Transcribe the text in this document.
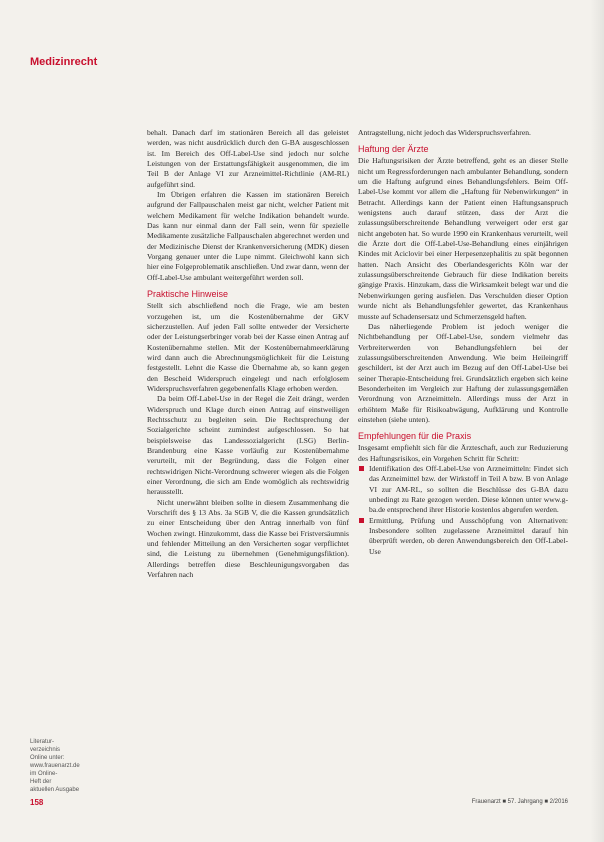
Medizinrecht

behalt. Danach darf im stationären Bereich all das geleistet werden, was nicht ausdrücklich durch den G-BA ausgeschlossen ist. Im Bereich des Off-Label-Use sind jedoch nur solche Leistungen von der Erstattungsfähigkeit ausgenommen, die im Teil B der Anlage VI zur Arzneimittel-Richtlinie (AM-RL) aufgeführt sind.

Im Übrigen erfahren die Kassen im stationären Bereich aufgrund der Fallpauschalen meist gar nicht, welcher Patient mit welchem Medikament für welche Indikation behandelt wurde. Das kann nur einmal dann der Fall sein, wenn für spezielle Medikamente zusätzliche Fallpauschalen abgerechnet werden und der Medizinische Dienst der Krankenversicherung (MDK) diesen Vorgang genauer unter die Lupe nimmt. Gleichwohl kann sich hier eine Folgeproblematik anschließen. Und zwar dann, wenn der Off-Label-Use ambulant weitergeführt werden soll.

Praktische Hinweise

Stellt sich abschließend noch die Frage, wie am besten vorzugehen ist, um die Kostenübernahme der GKV sicherzustellen. Auf jeden Fall sollte entweder der Versicherte oder der Leistungserbringer vorab bei der Kasse einen Antrag auf Kostenübernahme stellen. Mit der Kostenübernahmeerklärung wird dann auch die Abrechnungsmöglichkeit für die Leistung festgestellt. Lehnt die Kasse die Übernahme ab, so kann gegen den Bescheid Widerspruch eingelegt und nach erfolglosem Widerspruchsverfahren gegebenenfalls Klage erhoben werden.

Da beim Off-Label-Use in der Regel die Zeit drängt, werden Widerspruch und Klage durch einen Antrag auf einstweiligen Rechtsschutz zu begleiten sein. Die Rechtsprechung der Sozialgerichte scheint zumindest aufgeschlossen. So hat beispielsweise das Landessozialgericht (LSG) Berlin-Brandenburg eine Kasse vorläufig zur Kostenübernahme verurteilt, mit der Begründung, dass die Folgen einer rechtswidrigen Nicht-Verordnung schwerer wiegen als die Folgen einer Verordnung, die sich am Ende womöglich als rechtswidrig herausstellt.

Nicht unerwähnt bleiben sollte in diesem Zusammenhang die Vorschrift des § 13 Abs. 3a SGB V, die die Kassen grundsätzlich zu einer Entscheidung über den Antrag innerhalb von fünf Wochen zwingt. Hinzukommt, dass die Kasse bei Fristversäumnis und fehlender Mitteilung an den Versicherten sogar verpflichtet sind, die Leistung zu übernehmen (Genehmigungsfiktion). Allerdings betreffen diese Beschleunigungsvorgaben das Verfahren nach

Antragstellung, nicht jedoch das Widerspruchsverfahren.

Haftung der Ärzte

Die Haftungsrisiken der Ärzte betreffend, geht es an dieser Stelle nicht um Regressforderungen nach ambulanter Behandlung, sondern um die Haftung aufgrund eines Behandlungsfehlers. Beim Off-Label-Use kommt vor allem die „Haftung für Nebenwirkungen“ in Betracht. Allerdings kann der Patient einen Haftungsanspruch wenigstens auch darauf stützen, dass der Arzt die zulassungsüberschreitende Behandlung verweigert oder erst gar nicht angeboten hat. So wurde 1990 ein Krankenhaus verurteilt, weil die Ärzte dort die Off-Label-Use-Behandlung eines einjährigen Kindes mit Aciclovir bei einer Herpesenzephalitis zu spät begonnen hatten. Nach Ansicht des Oberlandesgerichts Köln war der zulassungsüberschreitende Gebrauch für diese Indikation bereits gängige Praxis. Hinzukam, dass die Wirksamkeit belegt war und die Nebenwirkungen gering ausfielen. Das Verschulden dieser Option wurde nicht als Behandlungsfehler gewertet, das Krankenhaus musste auf Schadensersatz und Schmerzensgeld haften.

Das näherliegende Problem ist jedoch weniger die Nichtbehandlung per Off-Label-Use, sondern vielmehr das Verbreiterwerden von Behandlungsfehlern bei der zulassungsüberschreitenden Anwendung. Wie beim Heileingriff geschildert, ist der Arzt auch im Bezug auf den Off-Label-Use bei seiner Therapie-Entscheidung frei. Grundsätzlich ergeben sich keine Besonderheiten im Vergleich zur Haftung der zulassungsgemäßen Verordnung von Arzneimitteln. Allerdings muss der Arzt in erhöhtem Maße für Risikoabwägung, Aufklärung und Kontrolle einstehen (siehe unten).

Empfehlungen für die Praxis

Insgesamt empfiehlt sich für die Ärzteschaft, auch zur Reduzierung des Haftungsrisikos, ein Vorgehen Schritt für Schritt:

Identifikation des Off-Label-Use von Arzneimitteln: Findet sich das Arzneimittel bzw. der Wirkstoff in Teil A bzw. B von Anlage VI zur AM-RL, so sollten die Beschlüsse des G-BA dazu unbedingt zu Rate gezogen werden. Diese können unter www.g-ba.de entsprechend ihrer Historie kostenlos abgerufen werden.
Ermittlung, Prüfung und Ausschöpfung von Alternativen: Insbesondere sollten zugelassene Arzneimittel darauf hin überprüft werden, ob deren Anwendungsbereich den Off-Label-Use
Literatur-
verzeichnis
Online unter:
www.frauenarzt.de
im Online-
Heft der
aktuellen Ausgabe
158	Frauenarzt ■ 57. Jahrgang ■ 2/2016
